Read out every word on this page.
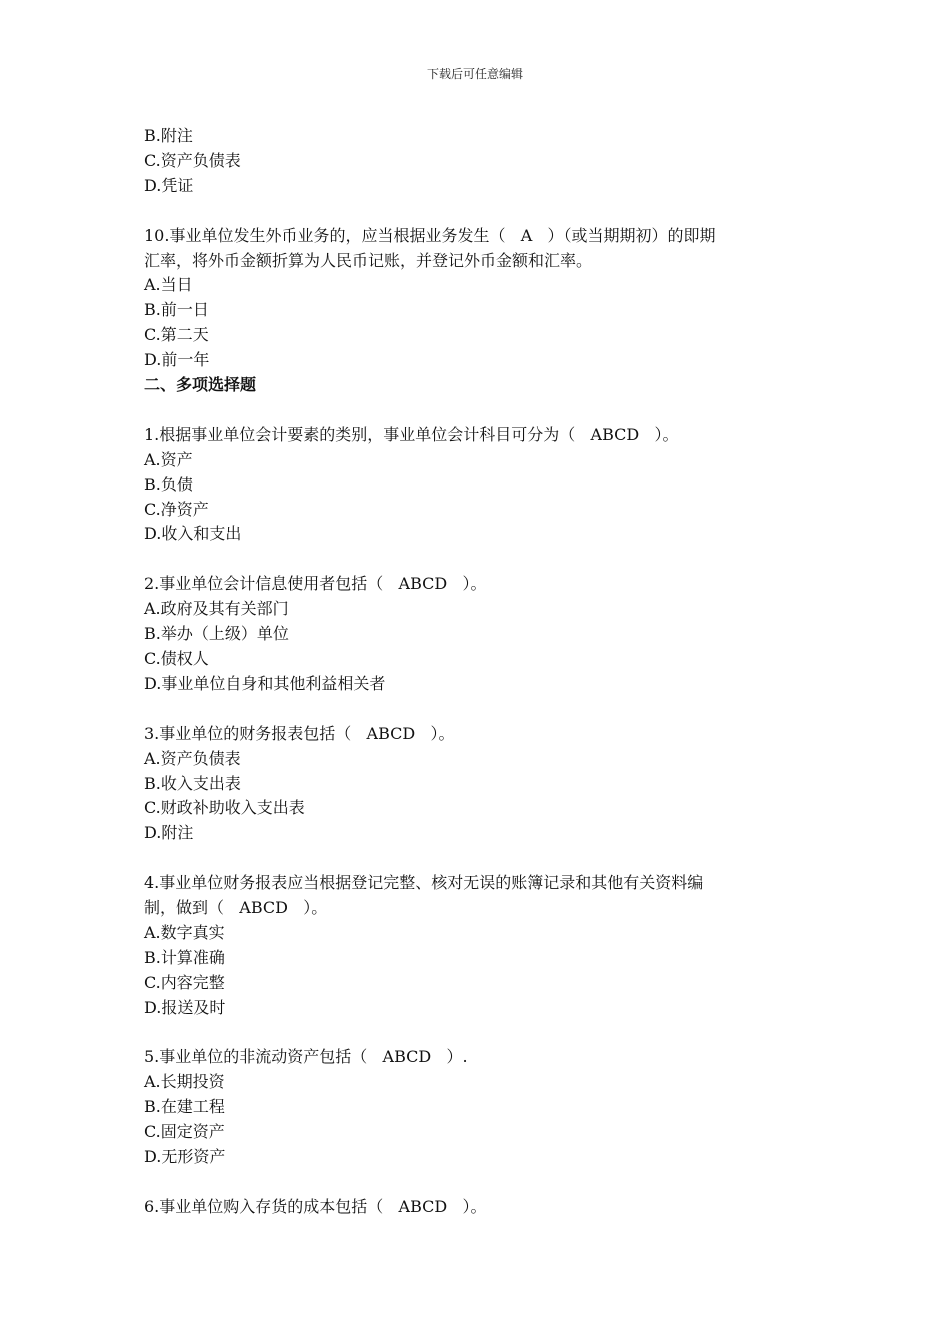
下载后可任意编辑

B.附注

C.资产负债表

D.凭证

10.事业单位发生外币业务的，应当根据业务发生（   A   ）（或当期期初）的即期

汇率，将外币金额折算为人民币记账，并登记外币金额和汇率。

A.当日

B.前一日

C.第二天

D.前一年

二、多项选择题

1.根据事业单位会计要素的类别，事业单位会计科目可分为（   ABCD   ）。

A.资产

B.负债

C.净资产

D.收入和支出

2.事业单位会计信息使用者包括（   ABCD   ）。

A.政府及其有关部门

B.举办（上级）单位

C.债权人

D.事业单位自身和其他利益相关者

3.事业单位的财务报表包括（   ABCD   ）。

A.资产负债表

B.收入支出表

C.财政补助收入支出表

D.附注

4.事业单位财务报表应当根据登记完整、核对无误的账簿记录和其他有关资料编

制，做到（   ABCD   ）。

A.数字真实

B.计算准确

C.内容完整

D.报送及时

5.事业单位的非流动资产包括（   ABCD   ）.

A.长期投资

B.在建工程

C.固定资产

D.无形资产

6.事业单位购入存货的成本包括（   ABCD   ）。
